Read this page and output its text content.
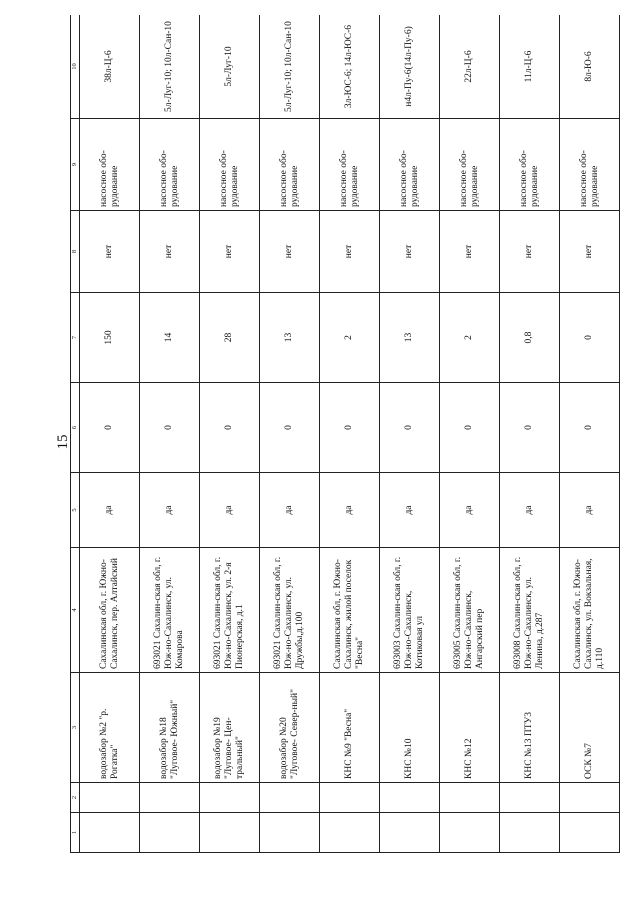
15
1	2	3	4	5	6	7	8	9	10
		водозабор №2 "р. Рогатка"	Сахалинская обл, г. Южно-Сахалинск, пер. Алтайский	да	0	150	нет	насосное обо-рудование	38л-Ц-6
		водозабор №18 "Луговое- Южный"	693021 Сахалин-ская обл, г. Юж-но-Сахалинск, ул. Комарова	да	0	14	нет	насосное обо-рудование	5л-Луг-10; 10л-Сан-10
		водозабор №19 "Луговое- Цен-тральный"	693021 Сахалин-ская обл, г. Юж-но-Сахалинск, ул. 2-я Пионерская, д.1	да	0	28	нет	насосное обо-рудование	5л-Луг-10
		водозабор №20 "Луговое- Север-ный"	693021 Сахалин-ская обл, г. Юж-но-Сахалинск, ул. Дружбы,д.100	да	0	13	нет	насосное обо-рудование	5л-Луг-10; 10л-Сан-10
		КНС №9 "Весна"	Сахалинская обл, г. Южно-Сахалинск, жилой поселок "Весна"	да	0	2	нет	насосное обо-рудование	3л-ЮС-6; 14л-ЮС-6
		КНС №10	693003 Сахалин-ская обл, г. Юж-но-Сахалинск, Котиковая ул	да	0	13	нет	насосное обо-рудование	н4л-Пу-6(14л-Пу-6)
		КНС №12	693005 Сахалин-ская обл, г. Юж-но-Сахалинск, Ангарский пер	да	0	2	нет	насосное обо-рудование	22л-Ц-6
		КНС №13 ПТУ3	693008 Сахалин-ская обл, г. Юж-но-Сахалинск, ул. Ленина, д.287	да	0	0,8	нет	насосное обо-рудование	11л-Ц-6
		ОСК №7	Сахалинская обл, г. Южно-Сахалинск, ул. Вокзальная, д.110	да	0	0	нет	насосное обо-рудование	8л-Ю-6
